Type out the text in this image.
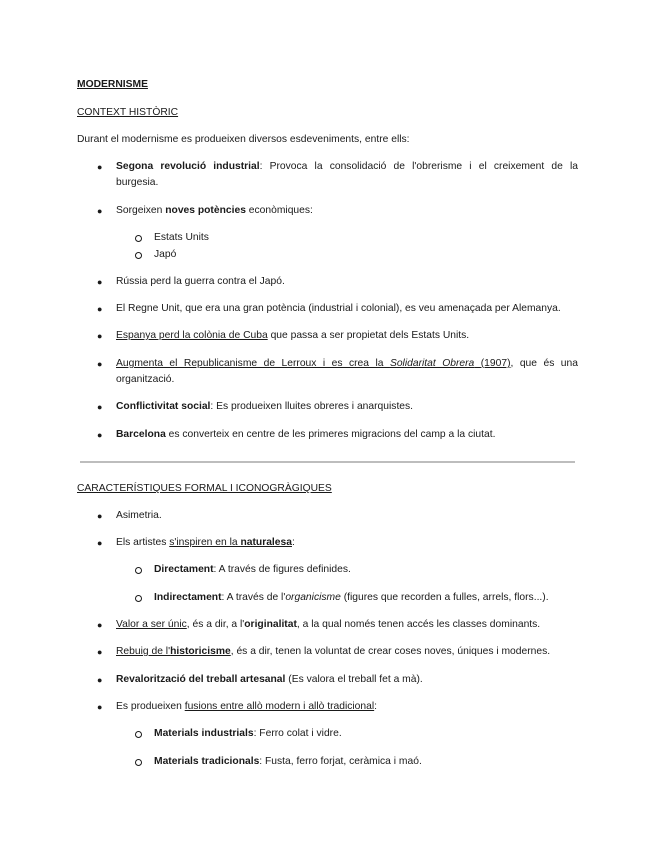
MODERNISME
CONTEXT HISTÒRIC
Durant el modernisme es produeixen diversos esdeveniments, entre ells:
● Segona revolució industrial: Provoca la consolidació de l'obrerisme i el creixement de la
burgesia.
● Sorgeixen noves potències econòmiques:
Estats Units
Japó
● Rússia perd la guerra contra el Japó.
● El Regne Unit, que era una gran potència (industrial i colonial), es veu amenaçada per Alemanya.
● Espanya perd la colònia de Cuba que passa a ser propietat dels Estats Units.
● Augmenta el Republicanisme de Lerroux i es crea la Solidaritat Obrera (1907), que és una
organització.
● Conflictivitat social: Es produeixen lluites obreres i anarquistes.
● Barcelona es converteix en centre de les primeres migracions del camp a la ciutat.
CARACTERÍSTIQUES FORMAL I ICONOGRÀGIQUES
● Asimetria.
● Els artistes s'inspiren en la naturalesa:
Directament: A través de figures definides.
Indirectament: A través de l'organicisme (figures que recorden a fulles, arrels, flors...).
● Valor a ser únic, és a dir, a l'originalitat, a la qual només tenen accés les classes dominants.
● Rebuig de l'historicisme, és a dir, tenen la voluntat de crear coses noves, úniques i modernes.
● Revalorització del treball artesanal (Es valora el treball fet a mà).
● Es produeixen fusions entre allò modern i allò tradicional:
Materials industrials: Ferro colat i vidre.
Materials tradicionals: Fusta, ferro forjat, ceràmica i maó.
